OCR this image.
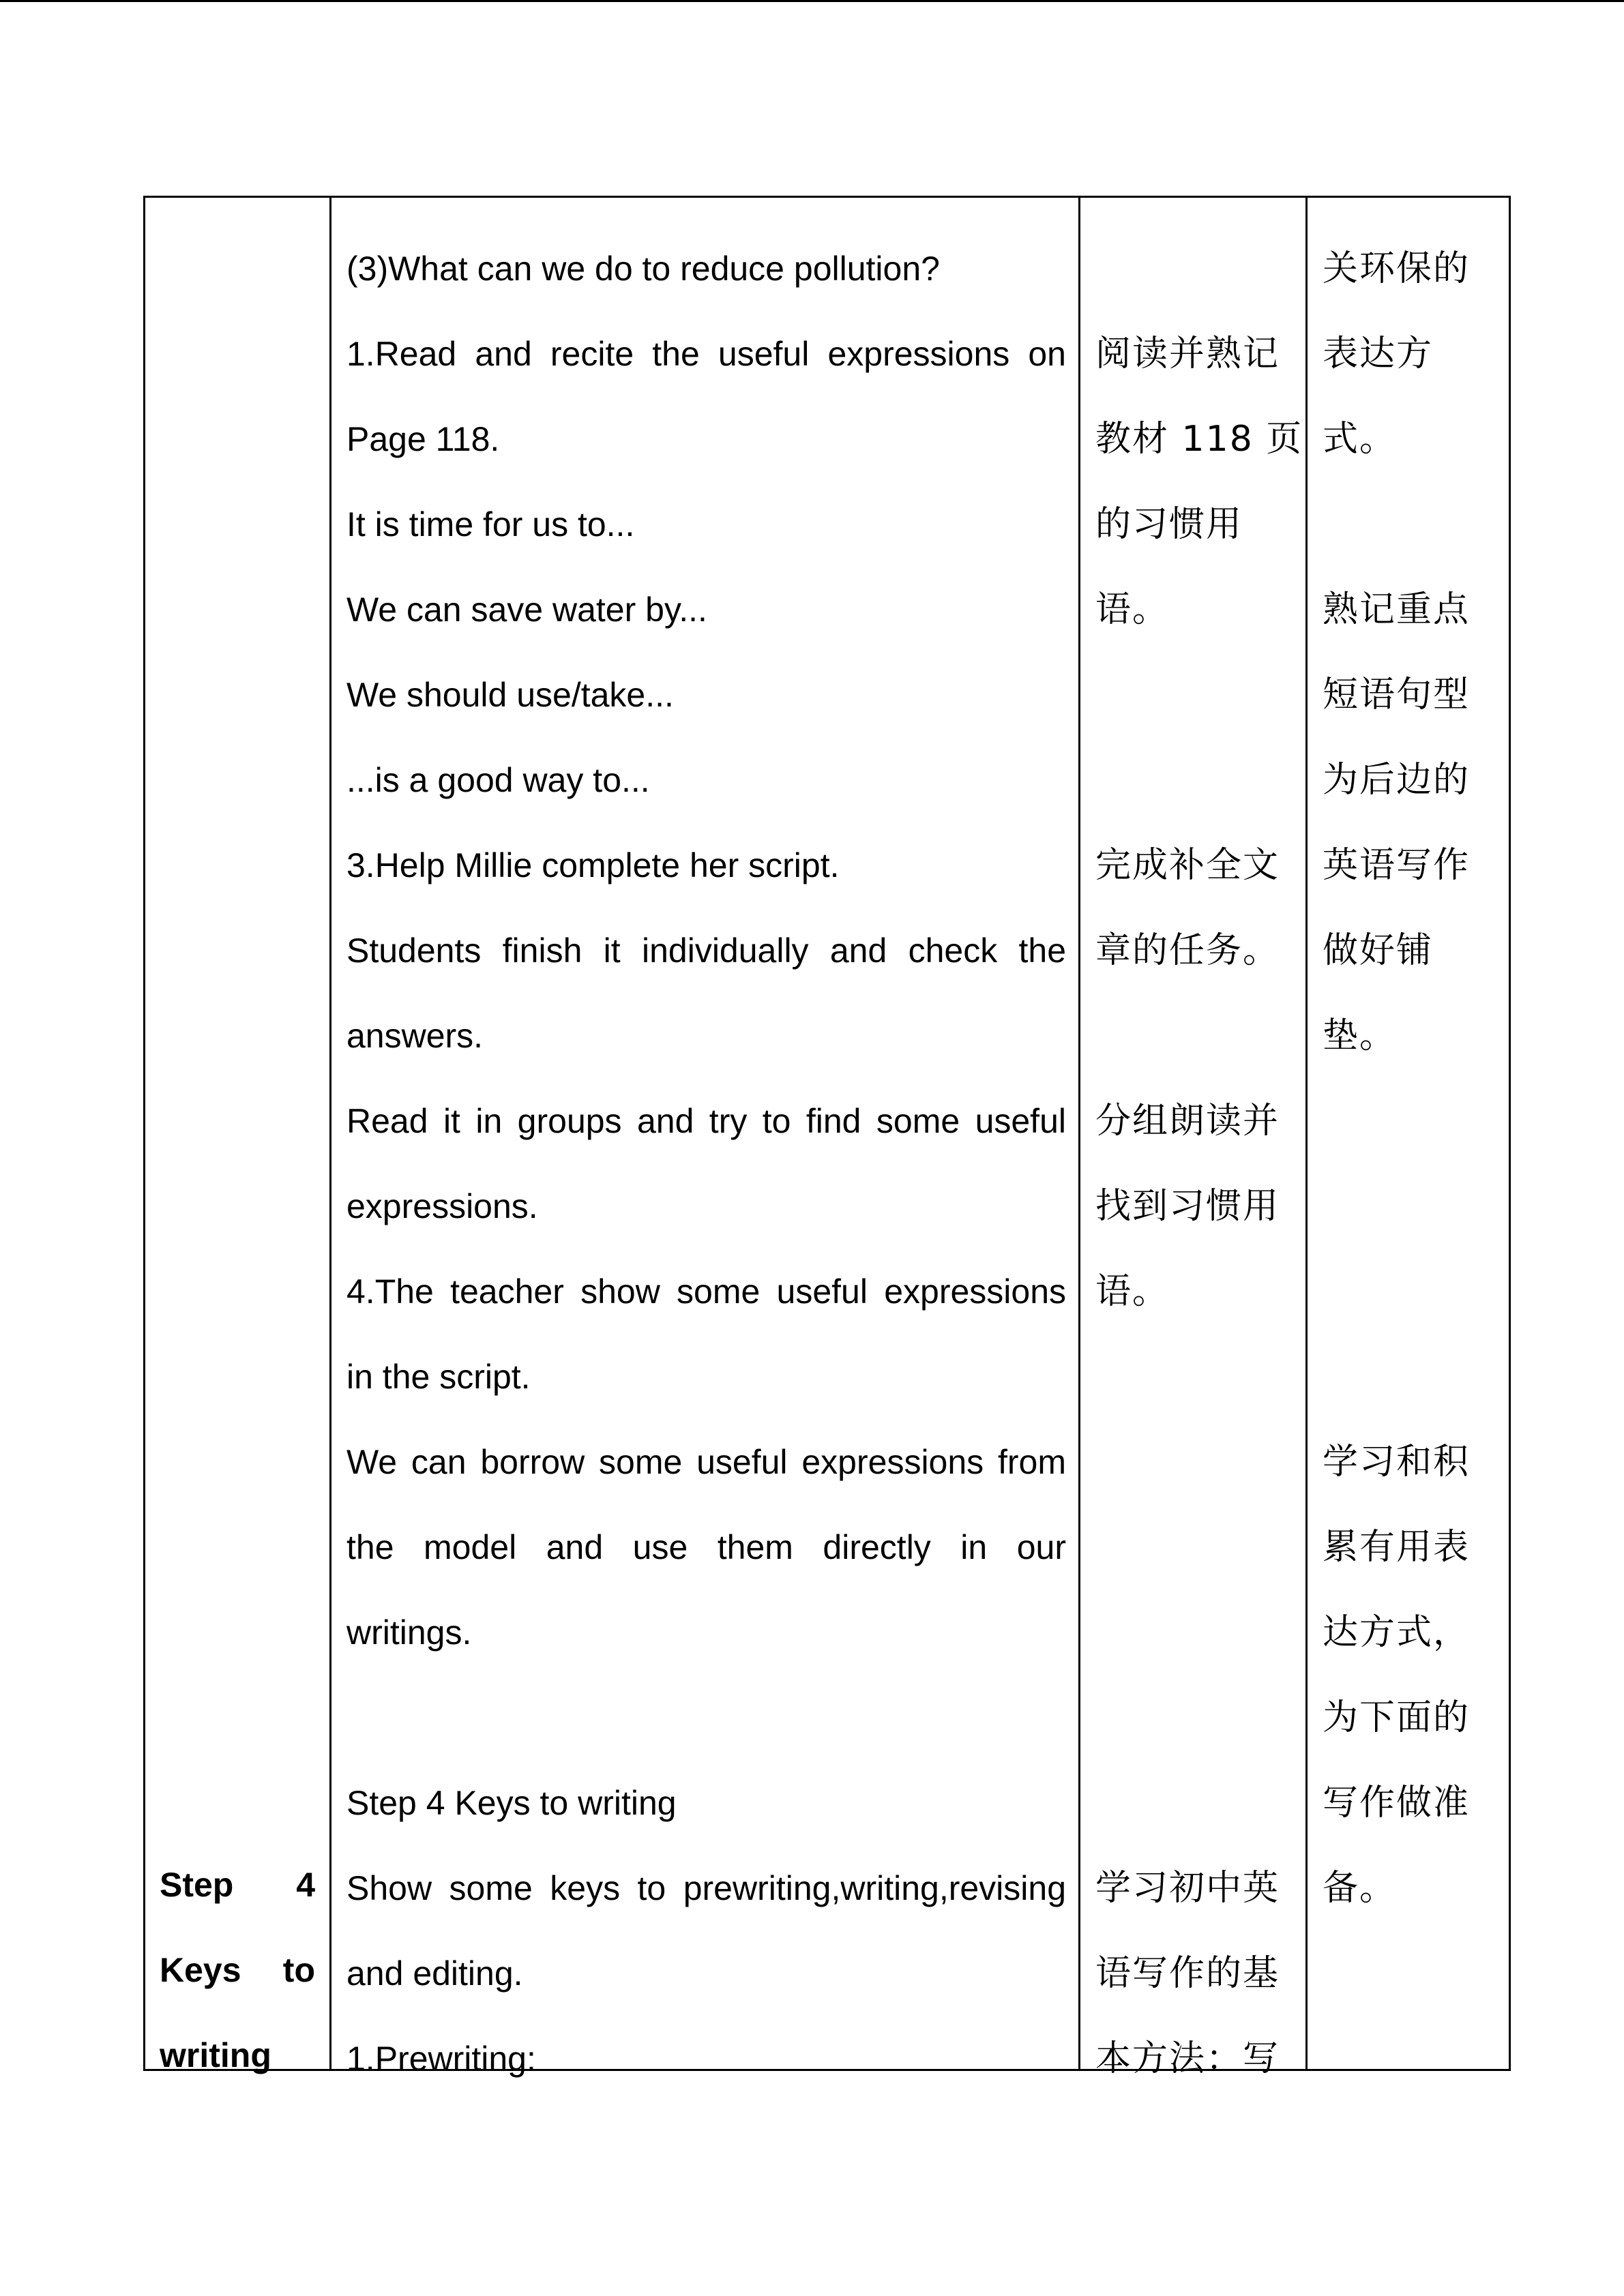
Step 4
Keys to
writing
(3)What can we do to reduce pollution?
1.Read and recite the useful expressions on
Page 118.
It is time for us to...
We can save water by...
We should use/take...
...is a good way to...
3.Help Millie complete her script.
Students finish it individually and check the
answers.
Read it in groups and try to find some useful
expressions.
4.The teacher show some useful expressions
in the script.
We can borrow some useful expressions from
the model and use them directly in our
writings.
Step 4 Keys to writing
Show some keys to prewriting,writing,revising
and editing.
1.Prewriting:
阅读并熟记
教材 118 页
的习惯用
语。
完成补全文
章的任务。
分组朗读并
找到习惯用
语。
学习初中英
语写作的基
本方法：写
关环保的
表达方
式。
熟记重点
短语句型
为后边的
英语写作
做好铺
垫。
学习和积
累有用表
达方式，
为下面的
写作做准
备。
